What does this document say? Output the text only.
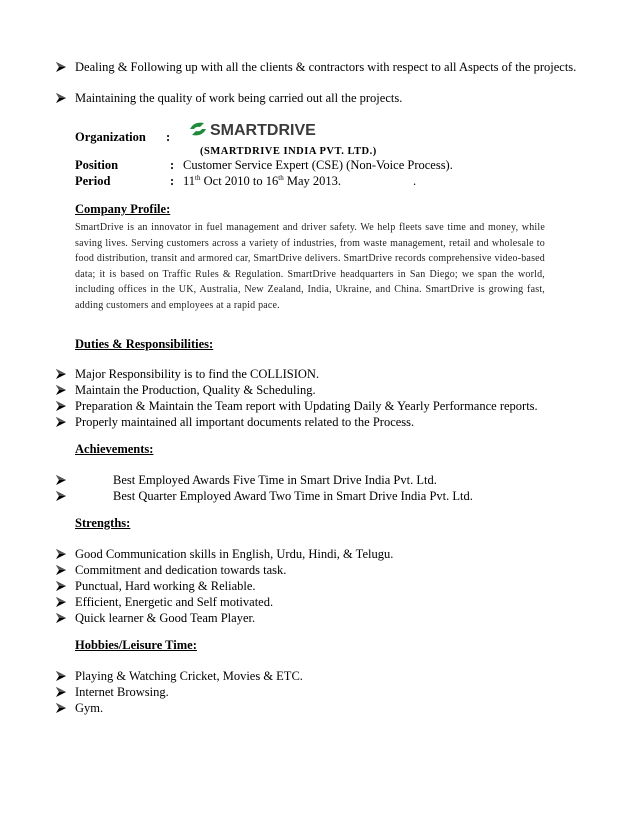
Dealing & Following up with all the clients & contractors with respect to all Aspects of the projects.
Maintaining the quality of work being carried out all the projects.
Organization : SMARTDRIVE
(SMARTDRIVE INDIA PVT. LTD.)
Position	: Customer Service Expert (CSE) (Non-Voice Process).
Period	: 11th Oct 2010 to 16th May 2013.	.
Company Profile:
SmartDrive is an innovator in fuel management and driver safety. We help fleets save time and money, while saving lives. Serving customers across a variety of industries, from waste management, retail and wholesale to food distribution, transit and armored car, SmartDrive delivers. SmartDrive records comprehensive video-based data; it is based on Traffic Rules & Regulation. SmartDrive headquarters in San Diego; we span the world, including offices in the UK, Australia, New Zealand, India, Ukraine, and China. SmartDrive is growing fast, adding customers and employees at a rapid pace.
Duties & Responsibilities:
Major Responsibility is to find the COLLISION.
Maintain the Production, Quality & Scheduling.
Preparation & Maintain the Team report with Updating Daily & Yearly Performance reports.
Properly maintained all important documents related to the Process.
Achievements:
Best Employed Awards Five Time in Smart Drive India Pvt. Ltd.
Best Quarter Employed Award Two Time in Smart Drive India Pvt. Ltd.
Strengths:
Good Communication skills in English, Urdu, Hindi, & Telugu.
Commitment and dedication towards task.
Punctual, Hard working & Reliable.
Efficient, Energetic and Self motivated.
Quick learner & Good Team Player.
Hobbies/Leisure Time:
Playing & Watching Cricket, Movies & ETC.
Internet Browsing.
Gym.
